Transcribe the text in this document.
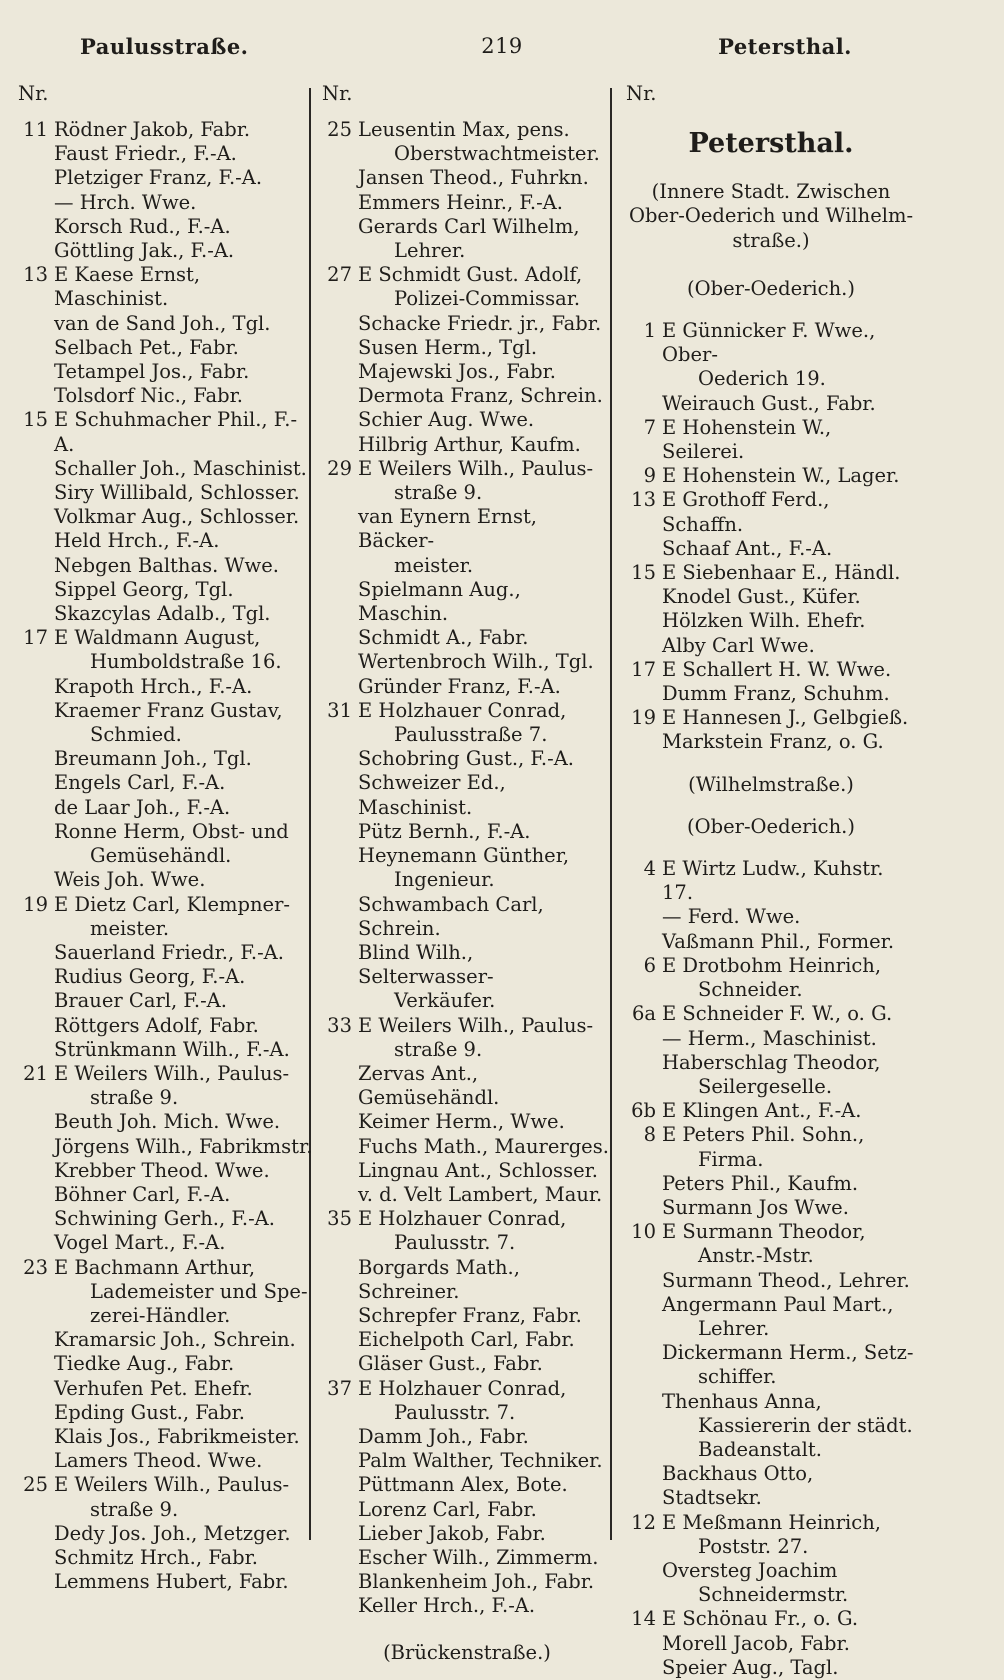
219
Paulusstraße.	Petersthal.
Nr.
11 Rödner Jakob, Fabr.
Faust Friedr., F.-A.
Pletziger Franz, F.-A.
— Hrch. Wwe.
Korsch Rud., F.-A.
Göttling Jak., F.-A.
13 E Kaese Ernst, Maschinist.
van de Sand Joh., Tgl.
Selbach Pet., Fabr.
Tetampel Jos., Fabr.
Tolsdorf Nic., Fabr.
15 E Schuhmacher Phil., F.-A.
Schaller Joh., Maschinist.
Siry Willibald, Schlosser.
Volkmar Aug., Schlosser.
Held Hrch., F.-A.
Nebgen Balthas. Wwe.
Sippel Georg, Tgl.
Skazcylas Adalb., Tgl.
17 E Waldmann August,
Humboldstraße 16.
Krapoth Hrch., F.-A.
Kraemer Franz Gustav,
Schmied.
Breumann Joh., Tgl.
Engels Carl, F.-A.
de Laar Joh., F.-A.
Ronne Herm, Obst- und
Gemüsehändl.
Weis Joh. Wwe.
19 E Dietz Carl, Klempner-
meister.
Sauerland Friedr., F.-A.
Rudius Georg, F.-A.
Brauer Carl, F.-A.
Röttgers Adolf, Fabr.
Strünkmann Wilh., F.-A.
21 E Weilers Wilh., Paulus-
straße 9.
Beuth Joh. Mich. Wwe.
Jörgens Wilh., Fabrikmstr.
Krebber Theod. Wwe.
Böhner Carl, F.-A.
Schwining Gerh., F.-A.
Vogel Mart., F.-A.
23 E Bachmann Arthur,
Lademeister und Spe-
zerei-Händler.
Kramarsic Joh., Schrein.
Tiedke Aug., Fabr.
Verhufen Pet. Ehefr.
Epding Gust., Fabr.
Klais Jos., Fabrikmeister.
Lamers Theod. Wwe.
25 E Weilers Wilh., Paulus-
straße 9.
Dedy Jos. Joh., Metzger.
Schmitz Hrch., Fabr.
Lemmens Hubert, Fabr.
Nr.
25 Leusentin Max, pens.
Oberstwachtmeister.
Jansen Theod., Fuhrkn.
Emmers Heinr., F.-A.
Gerards Carl Wilhelm,
Lehrer.
27 E Schmidt Gust. Adolf,
Polizei-Commissar.
Schacke Friedr. jr., Fabr.
Susen Herm., Tgl.
Majewski Jos., Fabr.
Dermota Franz, Schrein.
Schier Aug. Wwe.
Hilbrig Arthur, Kaufm.
29 E Weilers Wilh., Paulus-
straße 9.
van Eynern Ernst, Bäcker-
meister.
Spielmann Aug., Maschin.
Schmidt A., Fabr.
Wertenbroch Wilh., Tgl.
Gründer Franz, F.-A.
31 E Holzhauer Conrad,
Paulusstraße 7.
Schobring Gust., F.-A.
Schweizer Ed., Maschinist.
Pütz Bernh., F.-A.
Heynemann Günther,
Ingenieur.
Schwambach Carl, Schrein.
Blind Wilh., Selterwasser-
Verkäufer.
33 E Weilers Wilh., Paulus-
straße 9.
Zervas Ant., Gemüsehändl.
Keimer Herm., Wwe.
Fuchs Math., Maurerges.
Lingnau Ant., Schlosser.
v. d. Velt Lambert, Maur.
35 E Holzhauer Conrad,
Paulusstr. 7.
Borgards Math., Schreiner.
Schrepfer Franz, Fabr.
Eichelpoth Carl, Fabr.
Gläser Gust., Fabr.
37 E Holzhauer Conrad,
Paulusstr. 7.
Damm Joh., Fabr.
Palm Walther, Techniker.
Püttmann Alex, Bote.
Lorenz Carl, Fabr.
Lieber Jakob, Fabr.
Escher Wilh., Zimmerm.
Blankenheim Joh., Fabr.
Keller Hrch., F.-A.
(Brückenstraße.)
Nr.
Petersthal.
(Innere Stadt. Zwischen
Ober-Oederich und Wilhelm-
straße.)
(Ober-Oederich.)
1 E Günnicker F. Wwe., Ober-
Oederich 19.
Weirauch Gust., Fabr.
7 E Hohenstein W., Seilerei.
9 E Hohenstein W., Lager.
13 E Grothoff Ferd., Schaffn.
Schaaf Ant., F.-A.
15 E Siebenhaar E., Händl.
Knodel Gust., Küfer.
Hölzken Wilh. Ehefr.
Alby Carl Wwe.
17 E Schallert H. W. Wwe.
Dumm Franz, Schuhm.
19 E Hannesen J., Gelbgieß.
Markstein Franz, o. G.
(Wilhelmstraße.)
(Ober-Oederich.)
4 E Wirtz Ludw., Kuhstr. 17.
— Ferd. Wwe.
Vaßmann Phil., Former.
6 E Drotbohm Heinrich,
Schneider.
6a E Schneider F. W., o. G.
— Herm., Maschinist.
Haberschlag Theodor,
Seilergeselle.
6b E Klingen Ant., F.-A.
8 E Peters Phil. Sohn.,
Firma.
Peters Phil., Kaufm.
Surmann Jos Wwe.
10 E Surmann Theodor,
Anstr.-Mstr.
Surmann Theod., Lehrer.
Angermann Paul Mart.,
Lehrer.
Dickermann Herm., Setz-
schiffer.
Thenhaus Anna,
Kassiererin der städt.
Badeanstalt.
Backhaus Otto, Stadtsekr.
12 E Meßmann Heinrich,
Poststr. 27.
Oversteg Joachim
Schneidermstr.
14 E Schönau Fr., o. G.
Morell Jacob, Fabr.
Speier Aug., Tagl.
